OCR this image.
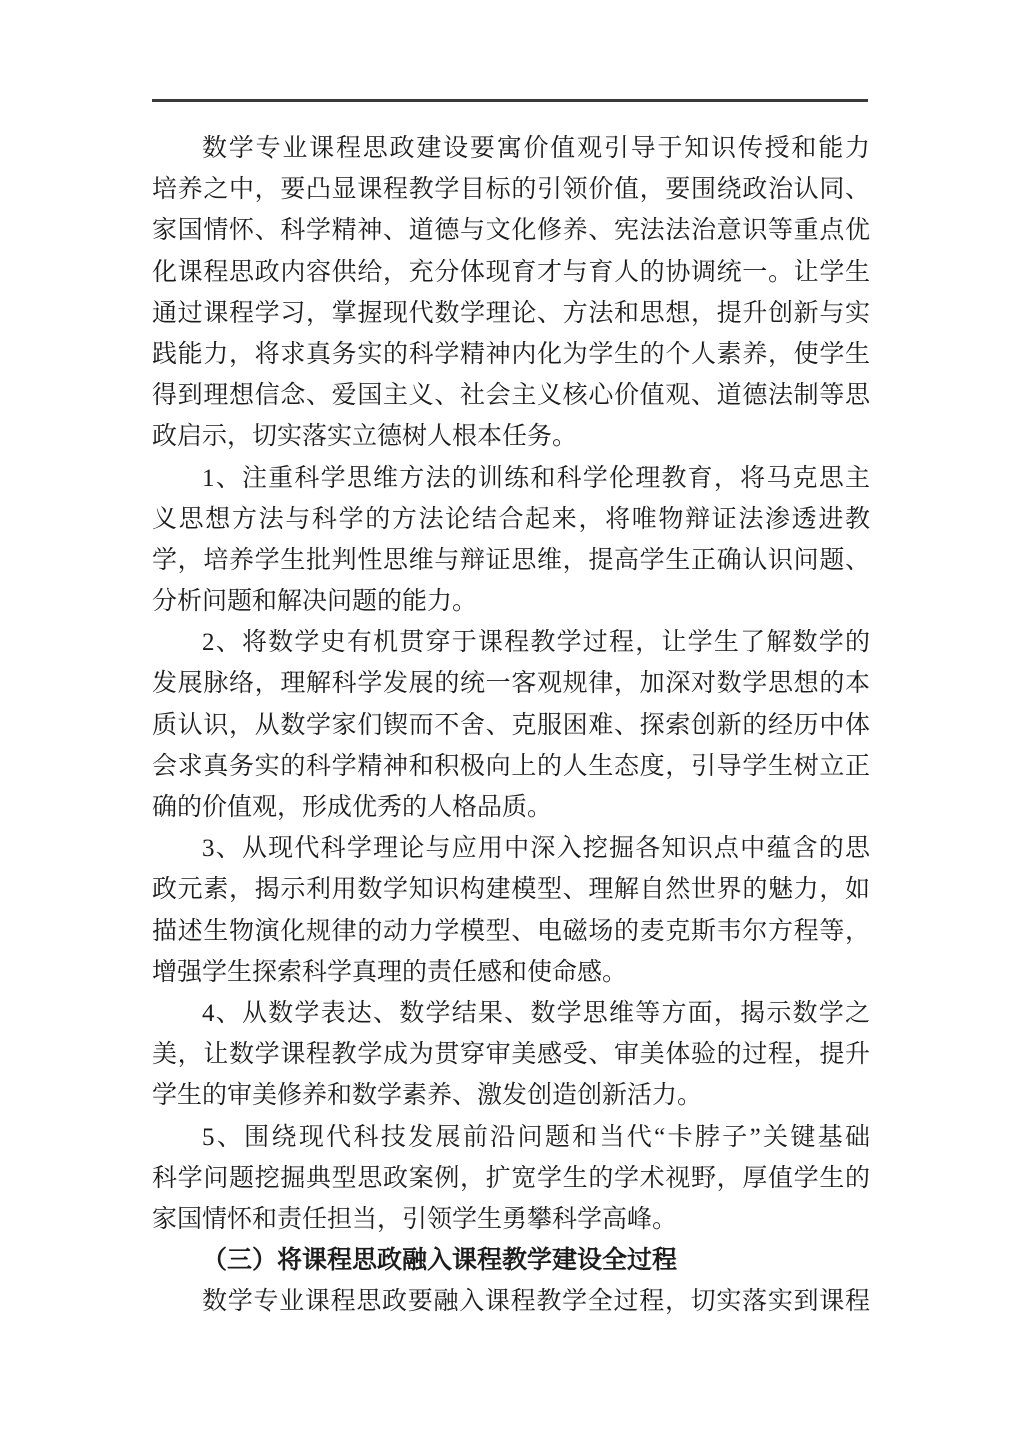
数学专业课程思政建设要寓价值观引导于知识传授和能力
培养之中，要凸显课程教学目标的引领价值，要围绕政治认同、
家国情怀、科学精神、道德与文化修养、宪法法治意识等重点优
化课程思政内容供给，充分体现育才与育人的协调统一。让学生
通过课程学习，掌握现代数学理论、方法和思想，提升创新与实
践能力，将求真务实的科学精神内化为学生的个人素养，使学生
得到理想信念、爱国主义、社会主义核心价值观、道德法制等思
政启示，切实落实立德树人根本任务。
1、注重科学思维方法的训练和科学伦理教育，将马克思主
义思想方法与科学的方法论结合起来，将唯物辩证法渗透进教
学，培养学生批判性思维与辩证思维，提高学生正确认识问题、
分析问题和解决问题的能力。
2、将数学史有机贯穿于课程教学过程，让学生了解数学的
发展脉络，理解科学发展的统一客观规律，加深对数学思想的本
质认识，从数学家们锲而不舍、克服困难、探索创新的经历中体
会求真务实的科学精神和积极向上的人生态度，引导学生树立正
确的价值观，形成优秀的人格品质。
3、从现代科学理论与应用中深入挖掘各知识点中蕴含的思
政元素，揭示利用数学知识构建模型、理解自然世界的魅力，如
描述生物演化规律的动力学模型、电磁场的麦克斯韦尔方程等，
增强学生探索科学真理的责任感和使命感。
4、从数学表达、数学结果、数学思维等方面，揭示数学之
美，让数学课程教学成为贯穿审美感受、审美体验的过程，提升
学生的审美修养和数学素养、激发创造创新活力。
5、围绕现代科技发展前沿问题和当代“卡脖子”关键基础
科学问题挖掘典型思政案例，扩宽学生的学术视野，厚值学生的
家国情怀和责任担当，引领学生勇攀科学高峰。
（三）将课程思政融入课程教学建设全过程
数学专业课程思政要融入课程教学全过程，切实落实到课程
